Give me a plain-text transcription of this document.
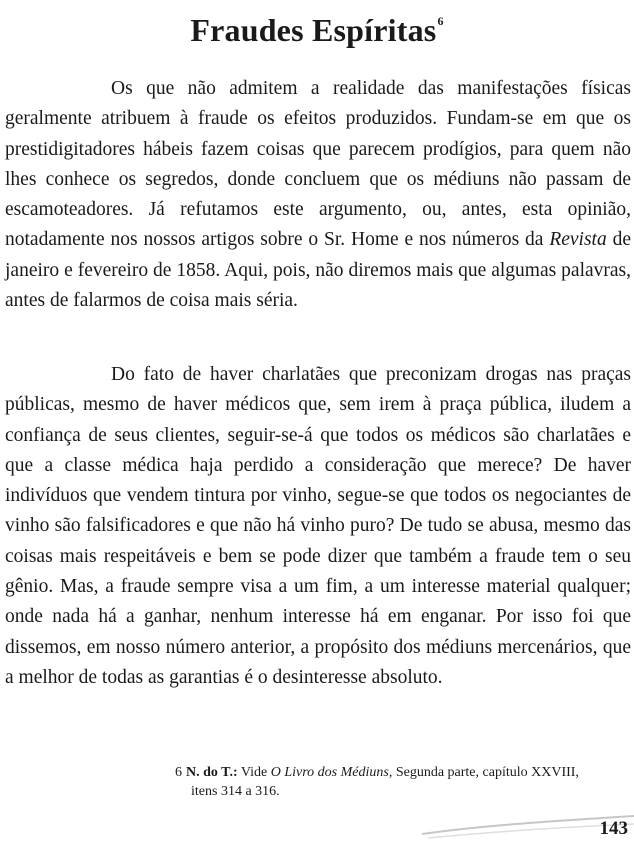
Fraudes Espíritas$^6$

Os que não admitem a realidade das manifestações físicas geralmente atribuem à fraude os efeitos produzidos. Fundam-se em que os prestidigitadores hábeis fazem coisas que parecem prodígios, para quem não lhes conhece os segredos, donde concluem que os médiuns não passam de escamoteadores. Já refutamos este argumento, ou, antes, esta opinião, notadamente nos nossos artigos sobre o Sr. Home e nos números da Revista de janeiro e fevereiro de 1858. Aqui, pois, não diremos mais que algumas palavras, antes de falarmos de coisa mais séria.

Do fato de haver charlatães que preconizam drogas nas praças públicas, mesmo de haver médicos que, sem irem à praça pública, iludem a confiança de seus clientes, seguir-se-á que todos os médicos são charlatães e que a classe médica haja perdido a consideração que merece? De haver indivíduos que vendem tintura por vinho, segue-se que todos os negociantes de vinho são falsificadores e que não há vinho puro? De tudo se abusa, mesmo das coisas mais respeitáveis e bem se pode dizer que também a fraude tem o seu gênio. Mas, a fraude sempre visa a um fim, a um interesse material qualquer; onde nada há a ganhar, nenhum interesse há em enganar. Por isso foi que dissemos, em nosso número anterior, a propósito dos médiuns mercenários, que a melhor de todas as garantias é o desinteresse absoluto.

6 N. do T.: Vide O Livro dos Médiuns, Segunda parte, capítulo XXVIII,
itens 314 a 316.

143
